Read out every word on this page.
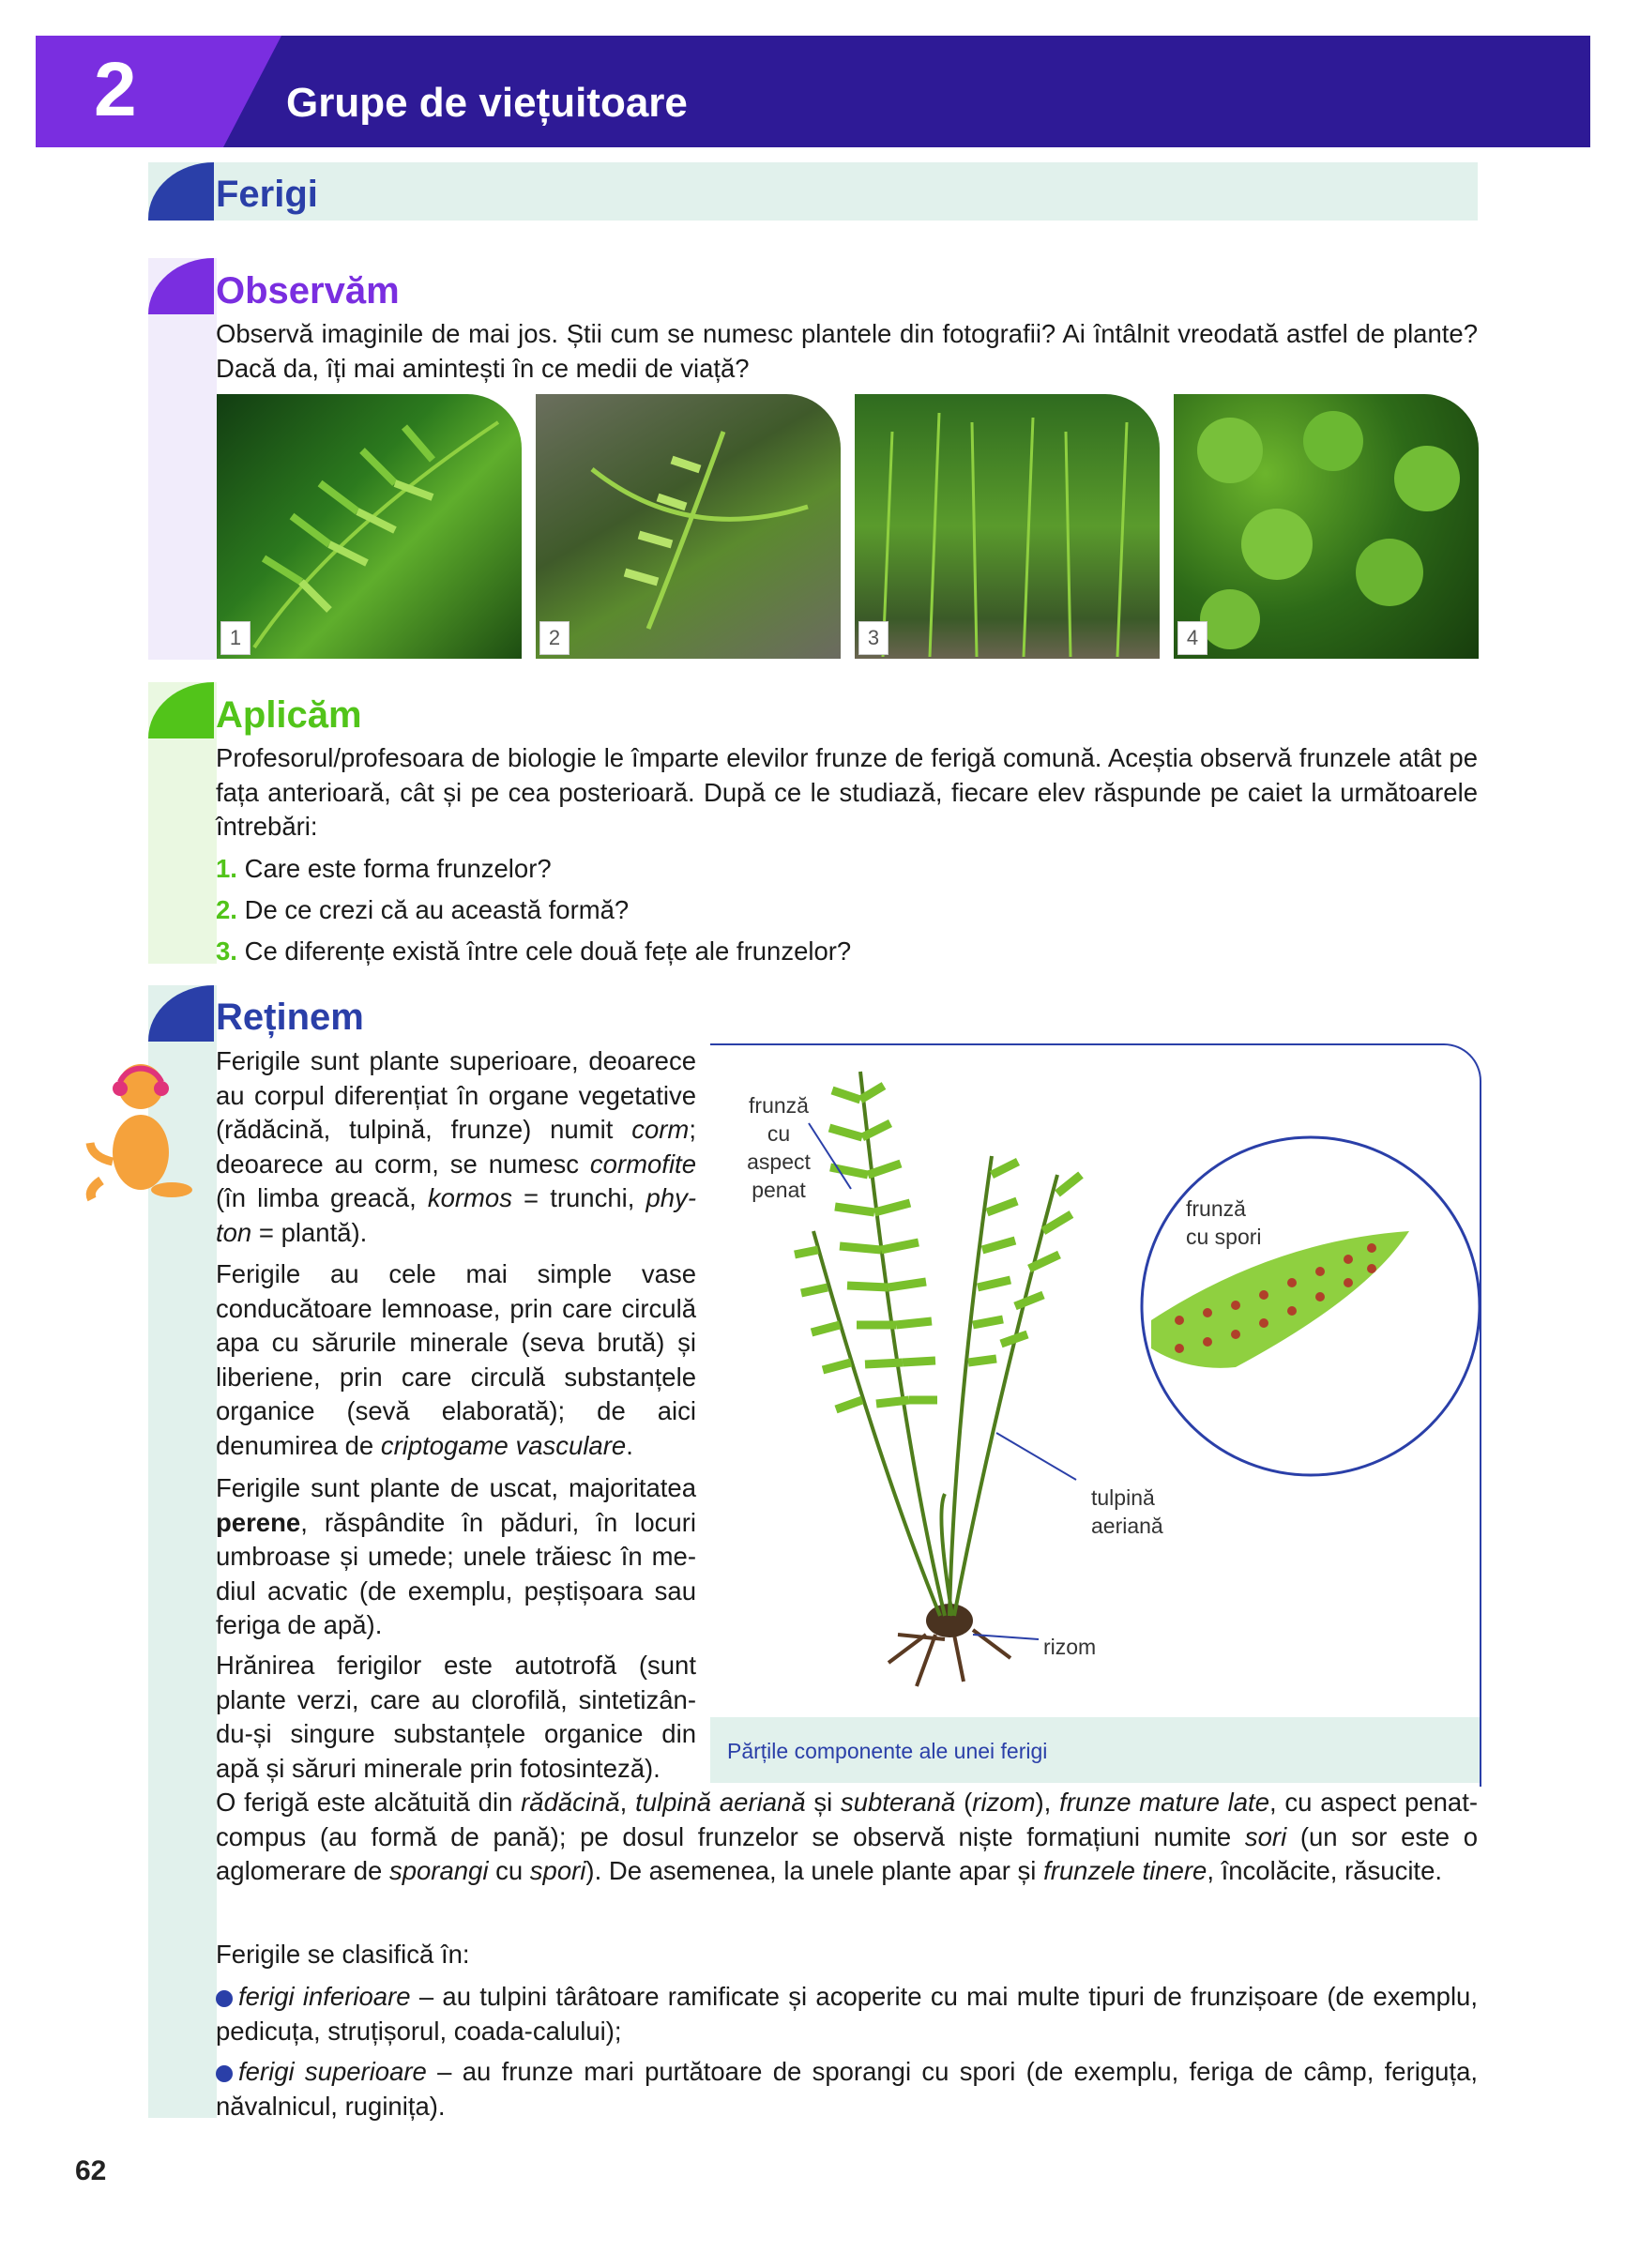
2	Grupe de viețuitoare
Ferigi
Observăm
Observă imaginile de mai jos. Știi cum se numesc plantele din fotografii? Ai întâlnit vreodată astfel de plante? Dacă da, îți mai amintești în ce medii de viață?
1	2	3	4
Aplicăm
Profesorul/profesoara de biologie le împarte elevilor frunze de ferigă comună. Aceștia observă frunzele atât pe fața anterioară, cât și pe cea posterioară. După ce le studiază, fiecare elev răspunde pe caiet la următoarele întrebări:
1. Care este forma frunzelor?
2. De ce crezi că au această formă?
3. Ce diferențe există între cele două fețe ale frunzelor?
Reținem
Ferigile sunt plante superioare, deoarece au corpul diferențiat în organe vegetative (rădăcină, tulpină, frunze) numit corm; deoarece au corm, se numesc cormofite (în limba greacă, kormos = trunchi, phyton = plantă).
Ferigile au cele mai simple vase conducătoare lemnoase, prin care circulă apa cu sărurile minerale (seva brută) și liberiene, prin care circulă substanțele organice (sevă elaborată); de aici denumirea de criptogame vasculare.
Ferigile sunt plante de uscat, majoritatea perene, răspândite în păduri, în locuri umbroase și umede; unele trăiesc în mediul acvatic (de exemplu, peștișoara sau feriga de apă).
Hrănirea ferigilor este autotrofă (sunt plante verzi, care au clorofilă, sintetizându-și singure substanțele organice din apă și săruri minerale prin fotosinteză).
frunză
cu
aspect
penat
frunză
cu spori
tulpină
aeriană
rizom
Părțile componente ale unei ferigi
O ferigă este alcătuită din rădăcină, tulpină aeriană și subterană (rizom), frunze mature late, cu aspect penat-compus (au formă de pană); pe dosul frunzelor se observă niște formațiuni numite sori (un sor este o aglomerare de sporangi cu spori). De asemenea, la unele plante apar și frunzele tinere, încolăcite, răsucite.
Ferigile se clasifică în:
ferigi inferioare – au tulpini târâtoare ramificate și acoperite cu mai multe tipuri de frunzișoare (de exemplu, pedicuța, struțișorul, coada-calului);
ferigi superioare – au frunze mari purtătoare de sporangi cu spori (de exemplu, feriga de câmp, feriguța, năvalnicul, ruginița).
62
